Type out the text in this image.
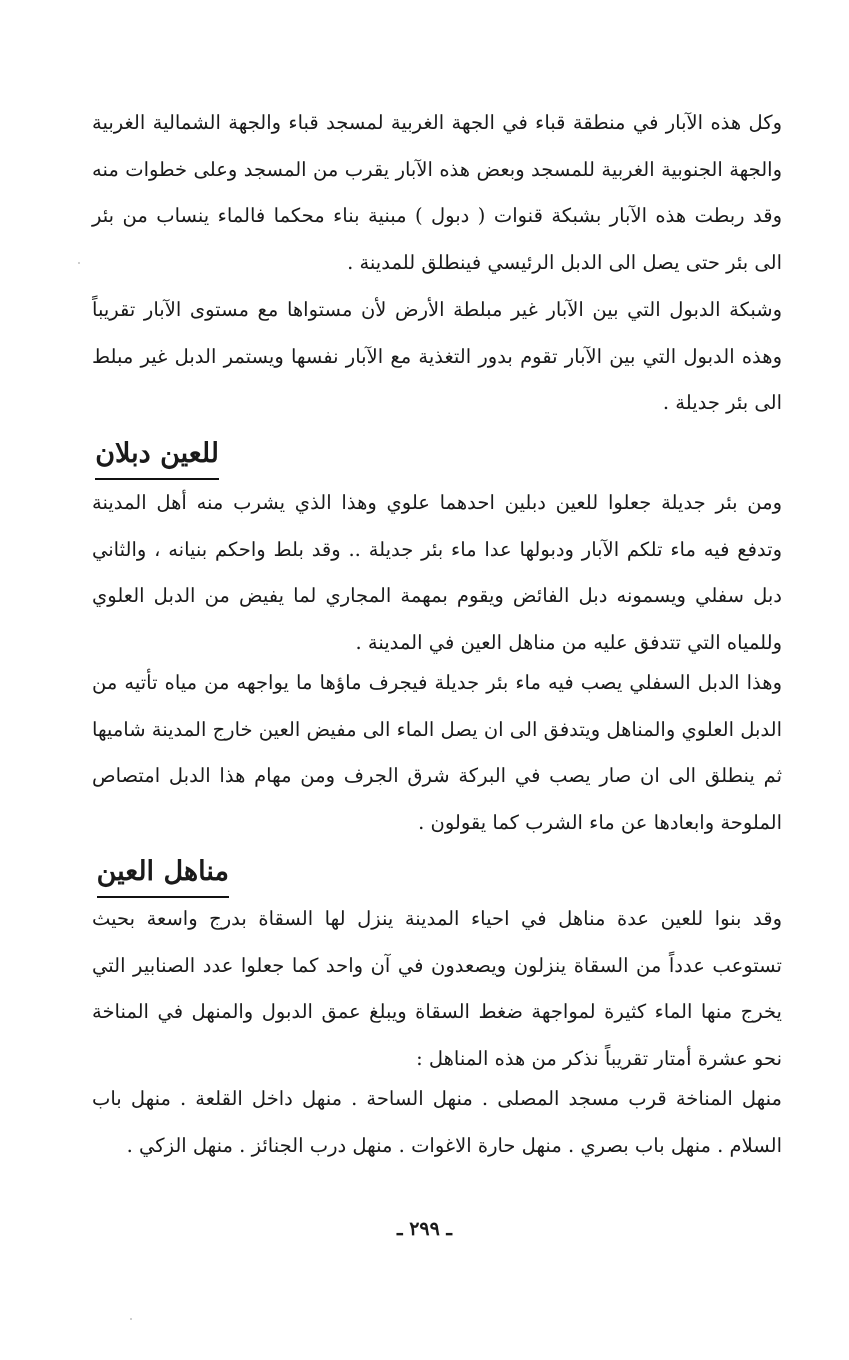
وكل هذه الآبار في منطقة قباء في الجهة الغربية لمسجد قباء والجهة الشمالية الغربية والجهة الجنوبية الغربية للمسجد وبعض هذه الآبار يقرب من المسجد وعلى خطوات منه وقد ربطت هذه الآبار بشبكة قنوات ( دبول ) مبنية بناء محكما فالماء ينساب من بئر الى بئر حتى يصل الى الدبل الرئيسي فينطلق للمدينة .

وشبكة الدبول التي بين الآبار غير مبلطة الأرض لأن مستواها مع مستوى الآبار تقريباً وهذه الدبول التي بين الآبار تقوم بدور التغذية مع الآبار نفسها ويستمر الدبل غير مبلط الى بئر جديلة .

للعين دبلان

ومن بئر جديلة جعلوا للعين دبلين احدهما علوي وهذا الذي يشرب منه أهل المدينة وتدفع فيه ماء تلكم الآبار ودبولها عدا ماء بئر جديلة .. وقد بلط واحكم بنيانه ، والثاني دبل سفلي ويسمونه دبل الفائض ويقوم بمهمة المجاري لما يفيض من الدبل العلوي وللمياه التي تتدفق عليه من مناهل العين في المدينة .

وهذا الدبل السفلي يصب فيه ماء بئر جديلة فيجرف ماؤها ما يواجهه من مياه تأتيه من الدبل العلوي والمناهل ويتدفق الى ان يصل الماء الى مفيض العين خارج المدينة شاميها ثم ينطلق الى ان صار يصب في البركة شرق الجرف ومن مهام هذا الدبل امتصاص الملوحة وابعادها عن ماء الشرب كما يقولون .

مناهل العين

وقد بنوا للعين عدة مناهل في احياء المدينة ينزل لها السقاة بدرج واسعة بحيث تستوعب عدداً من السقاة ينزلون ويصعدون في آن واحد كما جعلوا عدد الصنابير التي يخرج منها الماء كثيرة لمواجهة ضغط السقاة ويبلغ عمق الدبول والمنهل في المناخة نحو عشرة أمتار تقريباً نذكر من هذه المناهل :

منهل المناخة قرب مسجد المصلى . منهل الساحة . منهل داخل القلعة . منهل باب السلام . منهل باب بصري . منهل حارة الاغوات . منهل درب الجنائز . منهل الزكي .

ـ ٢٩٩ ـ
